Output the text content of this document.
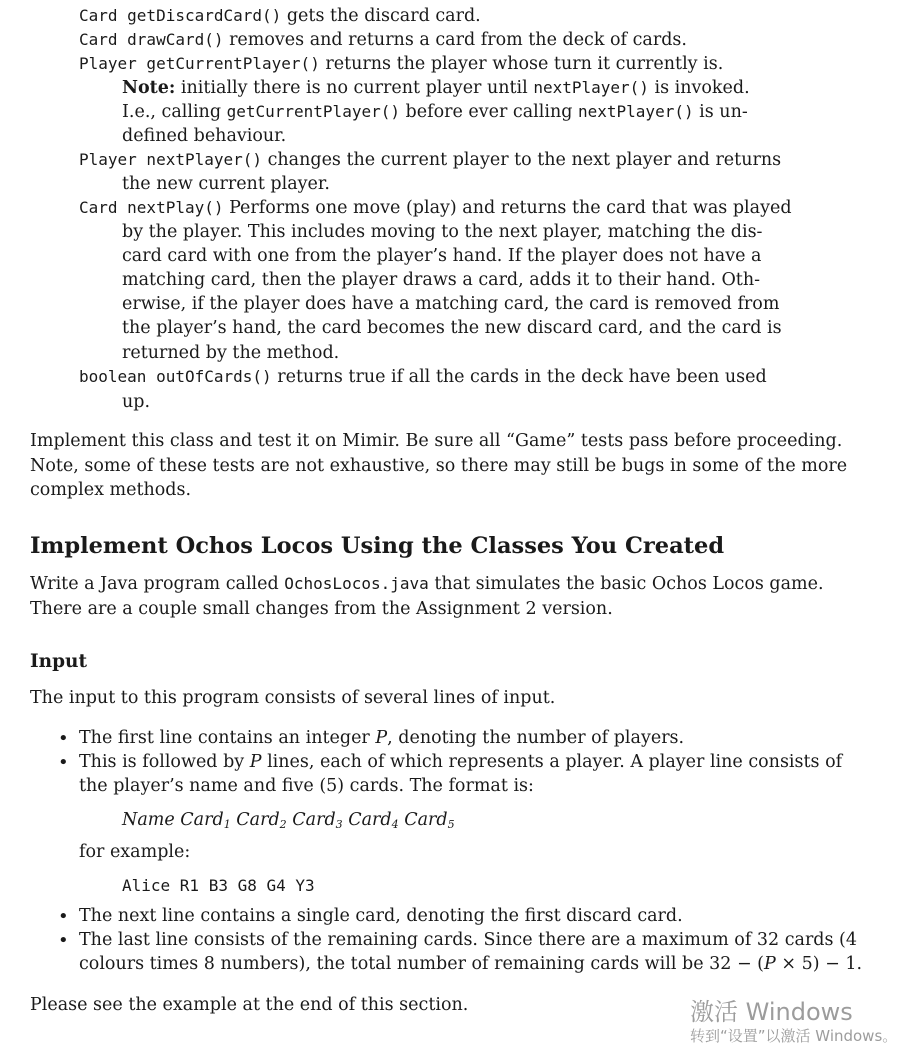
Card getDiscardCard() gets the discard card.
Card drawCard() removes and returns a card from the deck of cards.
Player getCurrentPlayer() returns the player whose turn it currently is.
Note: initially there is no current player until nextPlayer() is invoked.
I.e., calling getCurrentPlayer() before ever calling nextPlayer() is un-
defined behaviour.
Player nextPlayer() changes the current player to the next player and returns
the new current player.
Card nextPlay() Performs one move (play) and returns the card that was played
by the player. This includes moving to the next player, matching the dis-
card card with one from the player’s hand. If the player does not have a
matching card, then the player draws a card, adds it to their hand. Oth-
erwise, if the player does have a matching card, the card is removed from
the player’s hand, the card becomes the new discard card, and the card is
returned by the method.
boolean outOfCards() returns true if all the cards in the deck have been used
up.
Implement this class and test it on Mimir. Be sure all “Game” tests pass before proceeding.
Note, some of these tests are not exhaustive, so there may still be bugs in some of the more
complex methods.
Implement Ochos Locos Using the Classes You Created
Write a Java program called OchosLocos.java that simulates the basic Ochos Locos game.
There are a couple small changes from the Assignment 2 version.
Input
The input to this program consists of several lines of input.
• The first line contains an integer P, denoting the number of players.
• This is followed by P lines, each of which represents a player. A player line consists of
the player’s name and five (5) cards. The format is:
Name Card$_1$ Card$_2$ Card$_3$ Card$_4$ Card$_5$
for example:
Alice R1 B3 G8 G4 Y3
• The next line contains a single card, denoting the first discard card.
• The last line consists of the remaining cards. Since there are a maximum of 32 cards (4
colours times 8 numbers), the total number of remaining cards will be 32 − (P × 5) − 1.
Please see the example at the end of this section.	激活 Windows
转到“设置”以激活 Windows。
